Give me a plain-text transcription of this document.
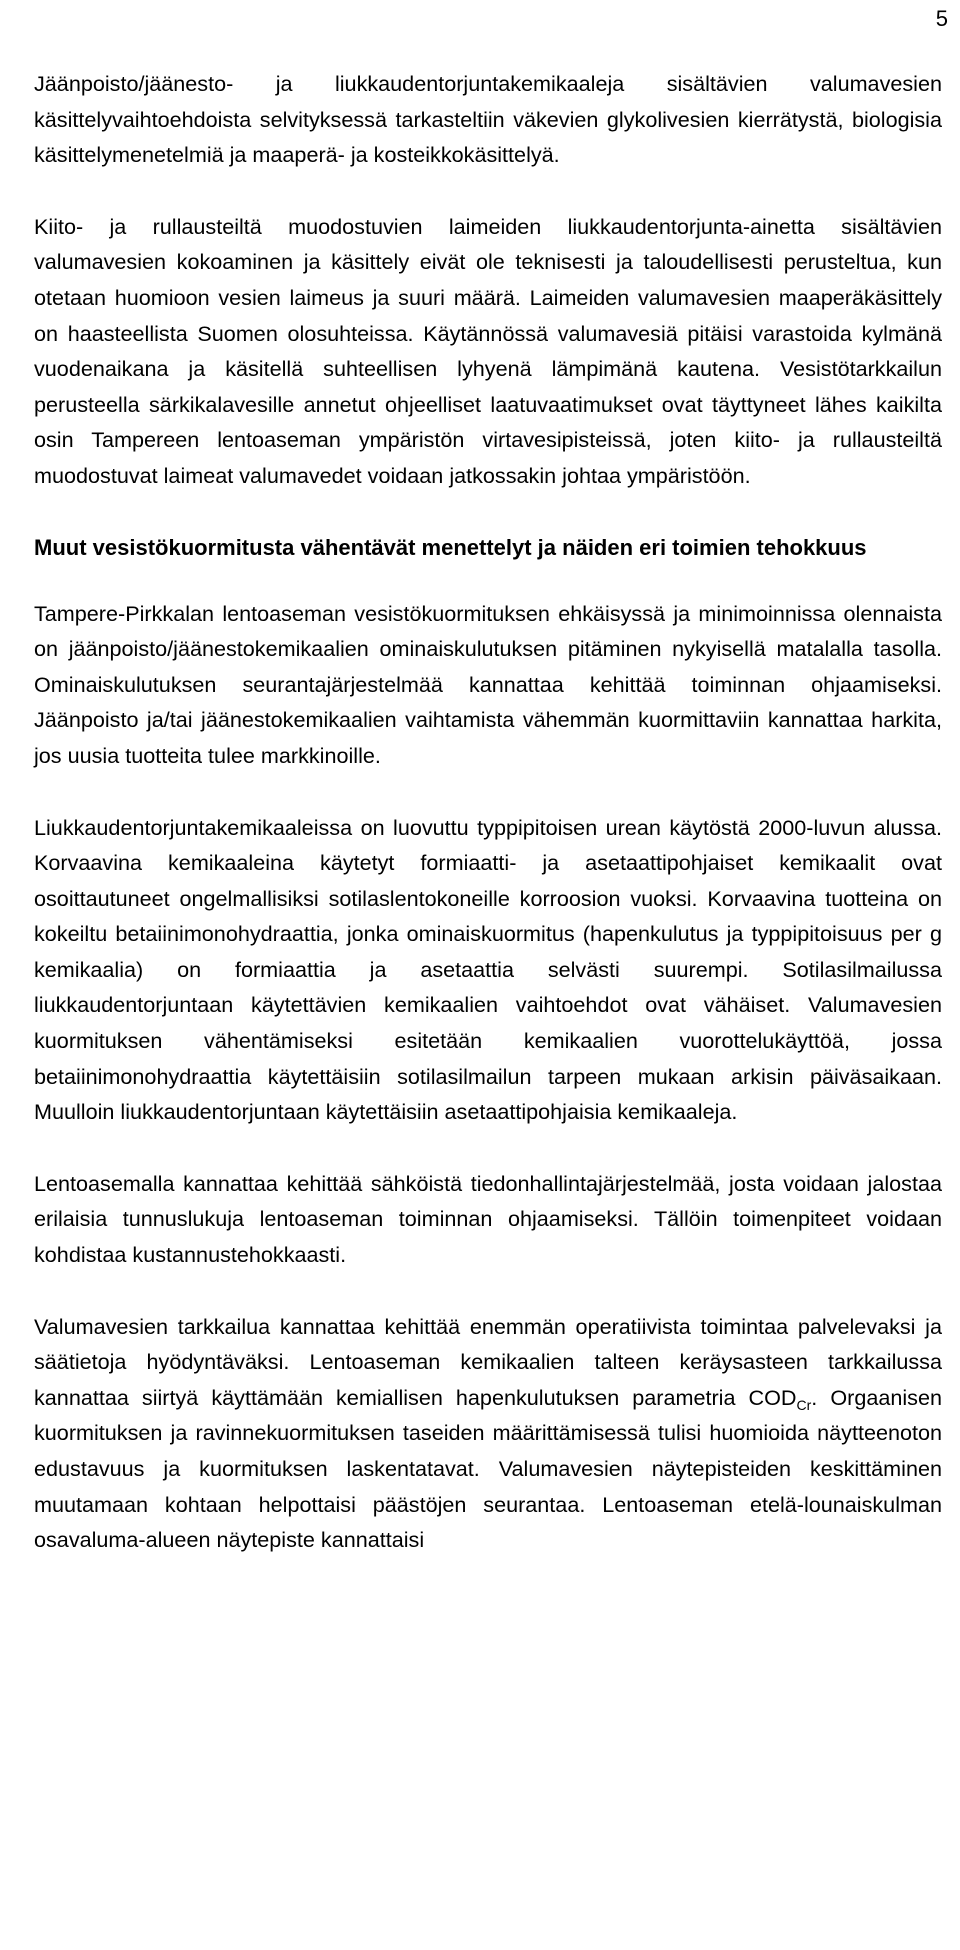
5

Jäänpoisto/jäänesto- ja liukkaudentorjuntakemikaaleja sisältävien valumavesien käsittelyvaihtoehdoista selvityksessä tarkasteltiin väkevien glykolivesien kierrätystä, biologisia käsittelymenetelmiä ja maaperä- ja kosteikkokäsittelyä.

Kiito- ja rullausteiltä muodostuvien laimeiden liukkaudentorjunta-ainetta sisältävien valumavesien kokoaminen ja käsittely eivät ole teknisesti ja taloudellisesti perusteltua, kun otetaan huomioon vesien laimeus ja suuri määrä. Laimeiden valumavesien maaperäkäsittely on haasteellista Suomen olosuhteissa. Käytännössä valumavesiä pitäisi varastoida kylmänä vuodenaikana ja käsitellä suhteellisen lyhyenä lämpimänä kautena. Vesistötarkkailun perusteella särkikalavesille annetut ohjeelliset laatuvaatimukset ovat täyttyneet lähes kaikilta osin Tampereen lentoaseman ympäristön virtavesipisteissä, joten kiito- ja rullausteiltä muodostuvat laimeat valumavedet voidaan jatkossakin johtaa ympäristöön.

Muut vesistökuormitusta vähentävät menettelyt ja näiden eri toimien tehokkuus

Tampere-Pirkkalan lentoaseman vesistökuormituksen ehkäisyssä ja minimoinnissa olennaista on jäänpoisto/jäänestokemikaalien ominaiskulutuksen pitäminen nykyisellä matalalla tasolla. Ominaiskulutuksen seurantajärjestelmää kannattaa kehittää toiminnan ohjaamiseksi. Jäänpoisto ja/tai jäänestokemikaalien vaihtamista vähemmän kuormittaviin kannattaa harkita, jos uusia tuotteita tulee markkinoille.

Liukkaudentorjuntakemikaaleissa on luovuttu typpipitoisen urean käytöstä 2000-luvun alussa. Korvaavina kemikaaleina käytetyt formiaatti- ja asetaattipohjaiset kemikaalit ovat osoittautuneet ongelmallisiksi sotilaslentokoneille korroosion vuoksi. Korvaavina tuotteina on kokeiltu betaiinimonohydraattia, jonka ominaiskuormitus (hapenkulutus ja typpipitoisuus per g kemikaalia) on formiaattia ja asetaattia selvästi suurempi. Sotilasilmailussa liukkaudentorjuntaan käytettävien kemikaalien vaihtoehdot ovat vähäiset. Valumavesien kuormituksen vähentämiseksi esitetään kemikaalien vuorottelukäyttöä, jossa betaiinimonohydraattia käytettäisiin sotilasilmailun tarpeen mukaan arkisin päiväsaikaan. Muulloin liukkaudentorjuntaan käytettäisiin asetaattipohjaisia kemikaaleja.

Lentoasemalla kannattaa kehittää sähköistä tiedonhallintajärjestelmää, josta voidaan jalostaa erilaisia tunnuslukuja lentoaseman toiminnan ohjaamiseksi. Tällöin toimenpiteet voidaan kohdistaa kustannustehokkaasti.

Valumavesien tarkkailua kannattaa kehittää enemmän operatiivista toimintaa palvelevaksi ja säätietoja hyödyntäväksi. Lentoaseman kemikaalien talteen keräysasteen tarkkailussa kannattaa siirtyä käyttämään kemiallisen hapenkulutuksen parametria $COD_{Cr}$. Orgaanisen kuormituksen ja ravinnekuormituksen taseiden määrittämisessä tulisi huomioida näytteenoton edustavuus ja kuormituksen laskentatavat. Valumavesien näytepisteiden keskittäminen muutamaan kohtaan helpottaisi päästöjen seurantaa. Lentoaseman etelä-lounaiskulman osavaluma-alueen näytepiste kannattaisi
